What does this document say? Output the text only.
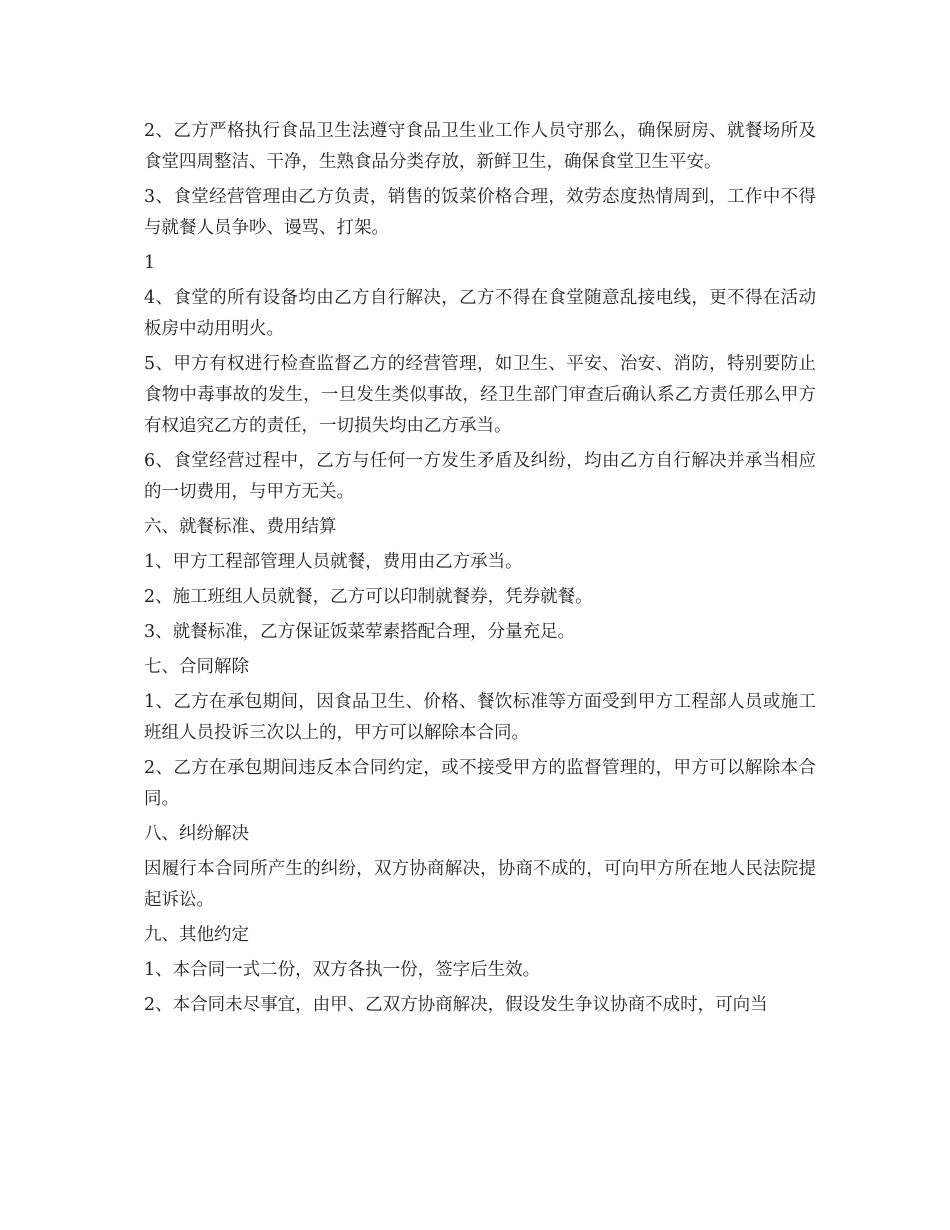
2、乙方严格执行食品卫生法遵守食品卫生业工作人员守那么，确保厨房、就餐场所及食堂四周整洁、干净，生熟食品分类存放，新鲜卫生，确保食堂卫生平安。

3、食堂经营管理由乙方负责，销售的饭菜价格合理，效劳态度热情周到，工作中不得与就餐人员争吵、谩骂、打架。

1

4、食堂的所有设备均由乙方自行解决，乙方不得在食堂随意乱接电线，更不得在活动板房中动用明火。

5、甲方有权进行检查监督乙方的经营管理，如卫生、平安、治安、消防，特别要防止食物中毒事故的发生，一旦发生类似事故，经卫生部门审查后确认系乙方责任那么甲方有权追究乙方的责任，一切损失均由乙方承当。

6、食堂经营过程中，乙方与任何一方发生矛盾及纠纷，均由乙方自行解决并承当相应的一切费用，与甲方无关。

六、就餐标准、费用结算

1、甲方工程部管理人员就餐，费用由乙方承当。

2、施工班组人员就餐，乙方可以印制就餐券，凭券就餐。

3、就餐标准，乙方保证饭菜荤素搭配合理，分量充足。

七、合同解除

1、乙方在承包期间，因食品卫生、价格、餐饮标准等方面受到甲方工程部人员或施工班组人员投诉三次以上的，甲方可以解除本合同。

2、乙方在承包期间违反本合同约定，或不接受甲方的监督管理的，甲方可以解除本合同。

八、纠纷解决

因履行本合同所产生的纠纷，双方协商解决，协商不成的，可向甲方所在地人民法院提起诉讼。

九、其他约定

1、本合同一式二份，双方各执一份，签字后生效。

2、本合同未尽事宜，由甲、乙双方协商解决，假设发生争议协商不成时，可向当
